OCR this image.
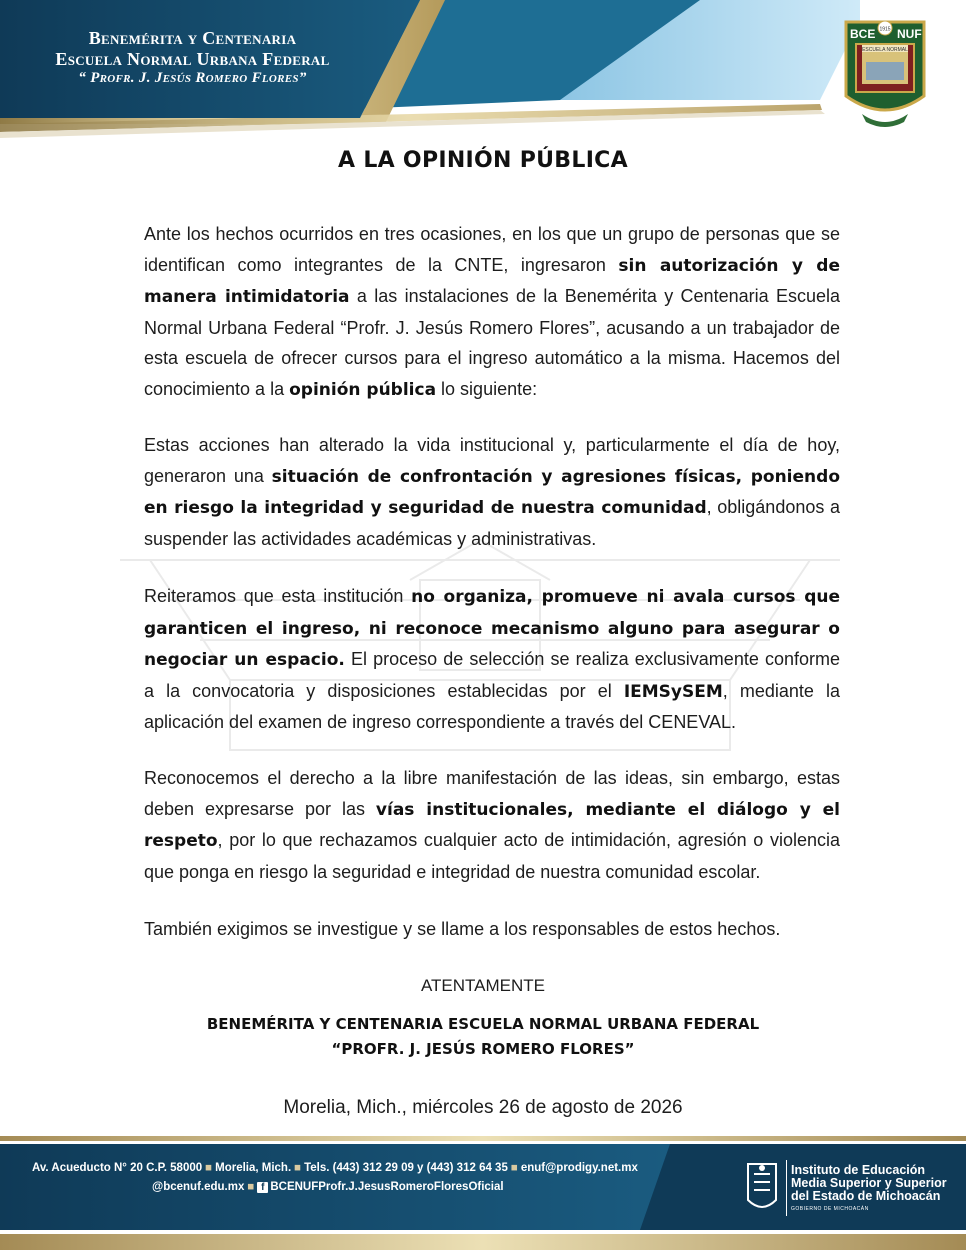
Benemérita y Centenaria
Escuela Normal Urbana Federal
“ Profr. J. Jesús Romero Flores”
ESCUELA NORMAL
1915
BCE NUF
A LA OPINIÓN PÚBLICA
Ante los hechos ocurridos en tres ocasiones, en los que un grupo de personas que se identifican como integrantes de la CNTE, ingresaron sin autorización y de manera intimidatoria a las instalaciones de la Benemérita y Centenaria Escuela Normal Urbana Federal “Profr. J. Jesús Romero Flores”, acusando a un trabajador de esta escuela de ofrecer cursos para el ingreso automático a la misma. Hacemos del conocimiento a la opinión pública lo siguiente:
Estas acciones han alterado la vida institucional y, particularmente el día de hoy, generaron una situación de confrontación y agresiones físicas, poniendo en riesgo la integridad y seguridad de nuestra comunidad, obligándonos a suspender las actividades académicas y administrativas.
Reiteramos que esta institución no organiza, promueve ni avala cursos que garanticen el ingreso, ni reconoce mecanismo alguno para asegurar o negociar un espacio. El proceso de selección se realiza exclusivamente conforme a la convocatoria y disposiciones establecidas por el IEMSySEM, mediante la aplicación del examen de ingreso correspondiente a través del CENEVAL.
Reconocemos el derecho a la libre manifestación de las ideas, sin embargo, estas deben expresarse por las vías institucionales, mediante el diálogo y el respeto, por lo que rechazamos cualquier acto de intimidación, agresión o violencia que ponga en riesgo la seguridad e integridad de nuestra comunidad escolar.
También exigimos se investigue y se llame a los responsables de estos hechos.
ATENTAMENTE
BENEMÉRITA Y CENTENARIA ESCUELA NORMAL URBANA FEDERAL
“PROFR. J. JESÚS ROMERO FLORES”
Morelia, Mich., miércoles 26 de agosto de 2026
Av. Acueducto N° 20 C.P. 58000 ■ Morelia, Mich. ■ Tels. (443) 312 29 09 y (443) 312 64 35 ■ enuf@prodigy.net.mx
@bcenuf.edu.mx ■ f BCENUFProfr.J.JesusRomeroFloresOficial
Instituto de Educación
Media Superior y Superior
del Estado de Michoacán
GOBIERNO DE MICHOACÁN
